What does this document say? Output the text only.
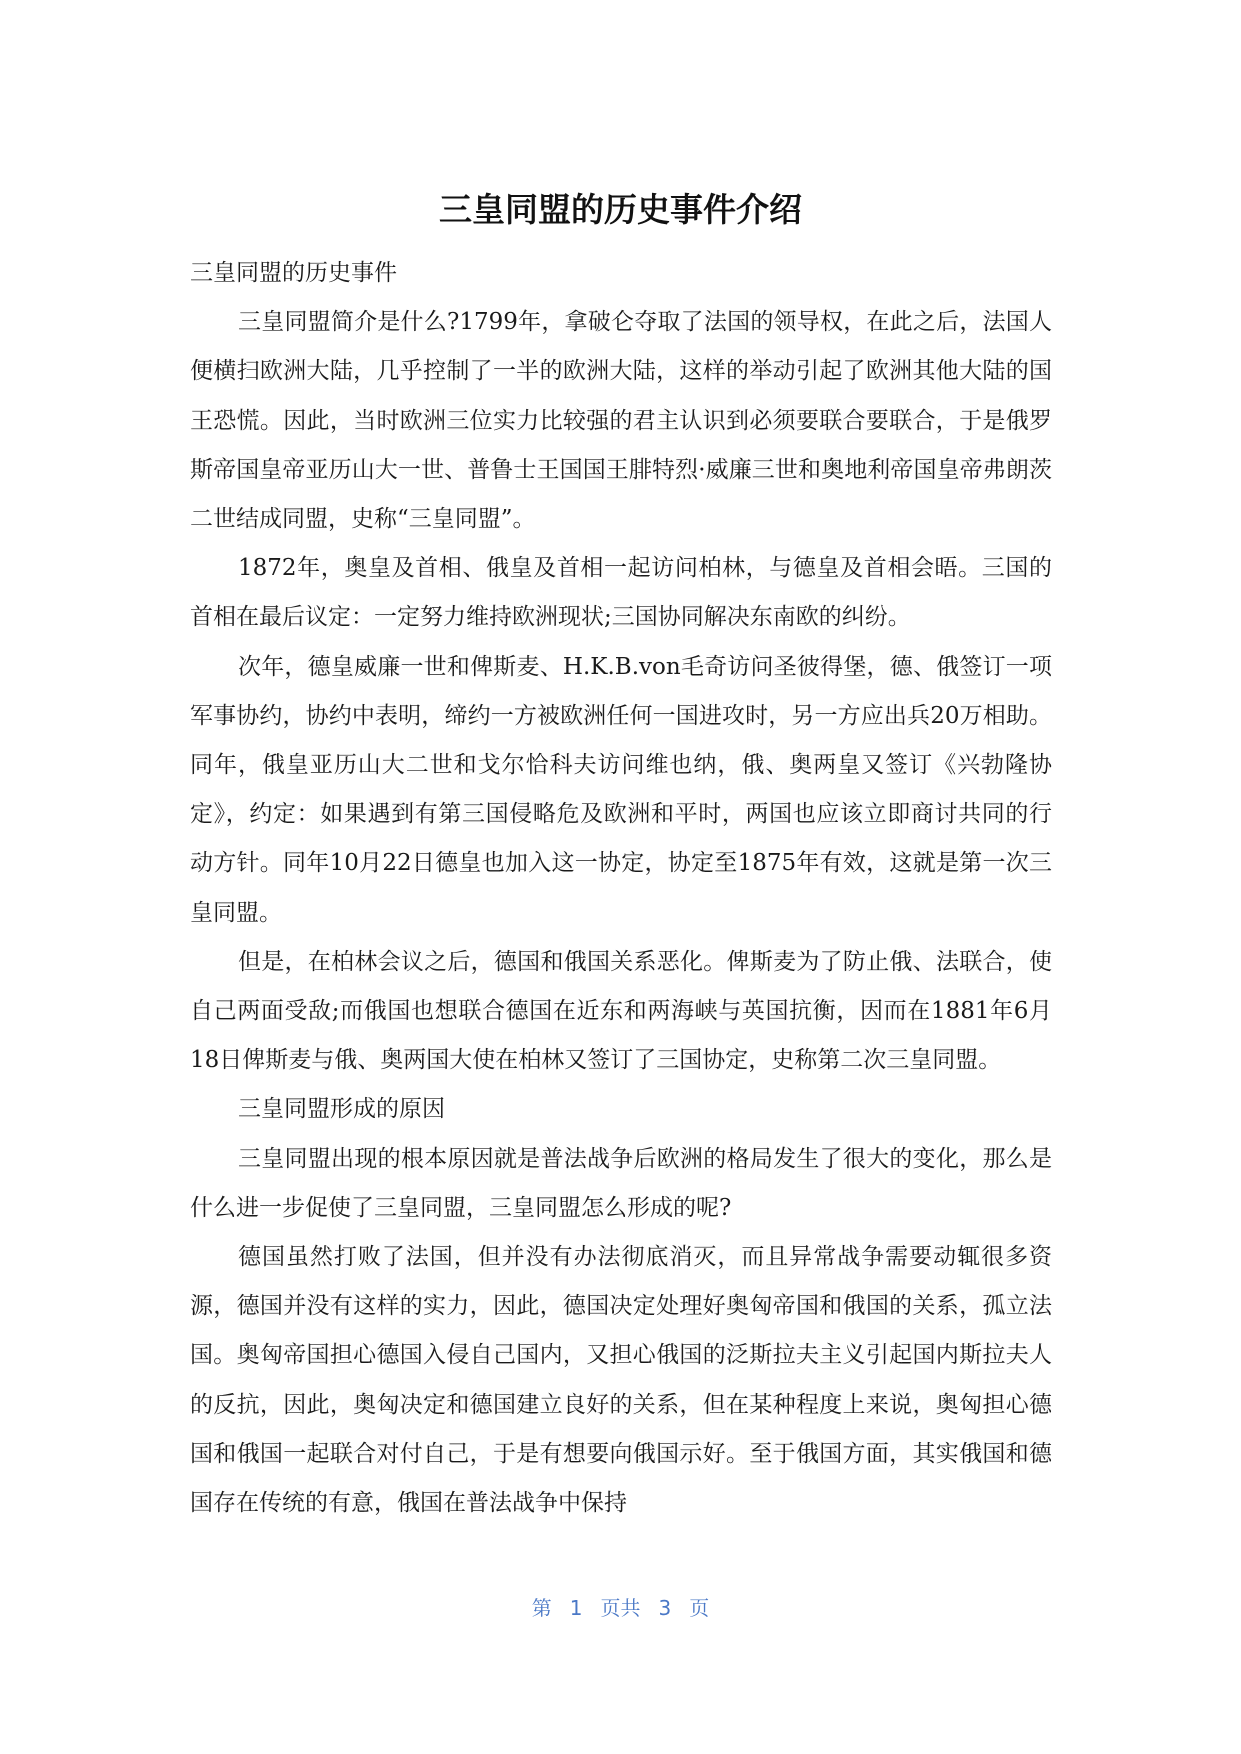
三皇同盟的历史事件介绍

三皇同盟的历史事件

三皇同盟简介是什么?1799年，拿破仑夺取了法国的领导权，在此之后，法国人便横扫欧洲大陆，几乎控制了一半的欧洲大陆，这样的举动引起了欧洲其他大陆的国王恐慌。因此，当时欧洲三位实力比较强的君主认识到必须要联合要联合，于是俄罗斯帝国皇帝亚历山大一世、普鲁士王国国王腓特烈·威廉三世和奥地利帝国皇帝弗朗茨二世结成同盟，史称“三皇同盟”。

1872年，奥皇及首相、俄皇及首相一起访问柏林，与德皇及首相会晤。三国的首相在最后议定：一定努力维持欧洲现状;三国协同解决东南欧的纠纷。

次年，德皇威廉一世和俾斯麦、H.K.B.von毛奇访问圣彼得堡，德、俄签订一项军事协约，协约中表明，缔约一方被欧洲任何一国进攻时，另一方应出兵20万相助。同年，俄皇亚历山大二世和戈尔恰科夫访问维也纳，俄、奥两皇又签订《兴勃隆协定》，约定：如果遇到有第三国侵略危及欧洲和平时，两国也应该立即商讨共同的行动方针。同年10月22日德皇也加入这一协定，协定至1875年有效，这就是第一次三皇同盟。

但是，在柏林会议之后，德国和俄国关系恶化。俾斯麦为了防止俄、法联合，使自己两面受敌;而俄国也想联合德国在近东和两海峡与英国抗衡，因而在1881年6月18日俾斯麦与俄、奥两国大使在柏林又签订了三国协定，史称第二次三皇同盟。

三皇同盟形成的原因

三皇同盟出现的根本原因就是普法战争后欧洲的格局发生了很大的变化，那么是什么进一步促使了三皇同盟，三皇同盟怎么形成的呢?

德国虽然打败了法国，但并没有办法彻底消灭，而且异常战争需要动辄很多资源，德国并没有这样的实力，因此，德国决定处理好奥匈帝国和俄国的关系，孤立法国。奥匈帝国担心德国入侵自己国内，又担心俄国的泛斯拉夫主义引起国内斯拉夫人的反抗，因此，奥匈决定和德国建立良好的关系，但在某种程度上来说，奥匈担心德国和俄国一起联合对付自己，于是有想要向俄国示好。至于俄国方面，其实俄国和德国存在传统的有意，俄国在普法战争中保持

第 1 页共 3 页
